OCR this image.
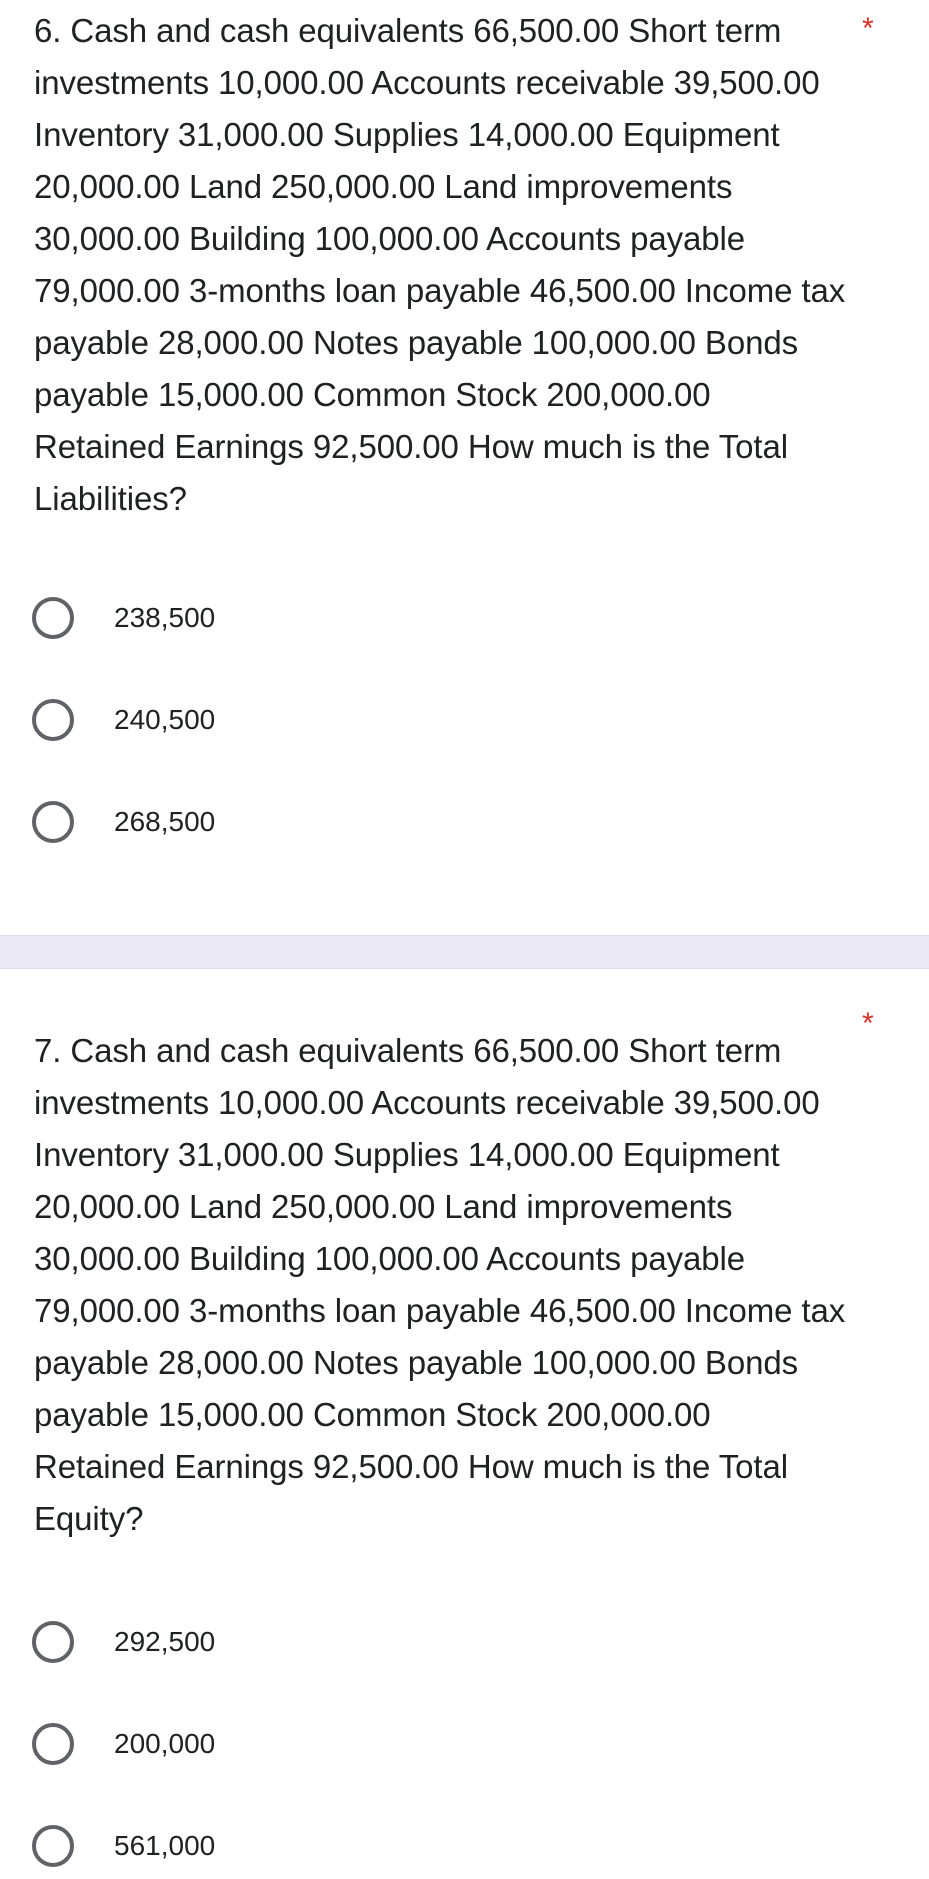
6. Cash and cash equivalents 66,500.00 Short term investments 10,000.00 Accounts receivable 39,500.00 Inventory 31,000.00 Supplies 14,000.00 Equipment 20,000.00 Land 250,000.00 Land improvements 30,000.00 Building 100,000.00 Accounts payable 79,000.00 3-months loan payable 46,500.00 Income tax payable 28,000.00 Notes payable 100,000.00 Bonds payable 15,000.00 Common Stock 200,000.00 Retained Earnings 92,500.00 How much is the Total Liabilities?

*
238,500
240,500
268,500

7. Cash and cash equivalents 66,500.00 Short term investments 10,000.00 Accounts receivable 39,500.00 Inventory 31,000.00 Supplies 14,000.00 Equipment 20,000.00 Land 250,000.00 Land improvements 30,000.00 Building 100,000.00 Accounts payable 79,000.00 3-months loan payable 46,500.00 Income tax payable 28,000.00 Notes payable 100,000.00 Bonds payable 15,000.00 Common Stock 200,000.00 Retained Earnings 92,500.00 How much is the Total Equity?

*
292,500
200,000
561,000
